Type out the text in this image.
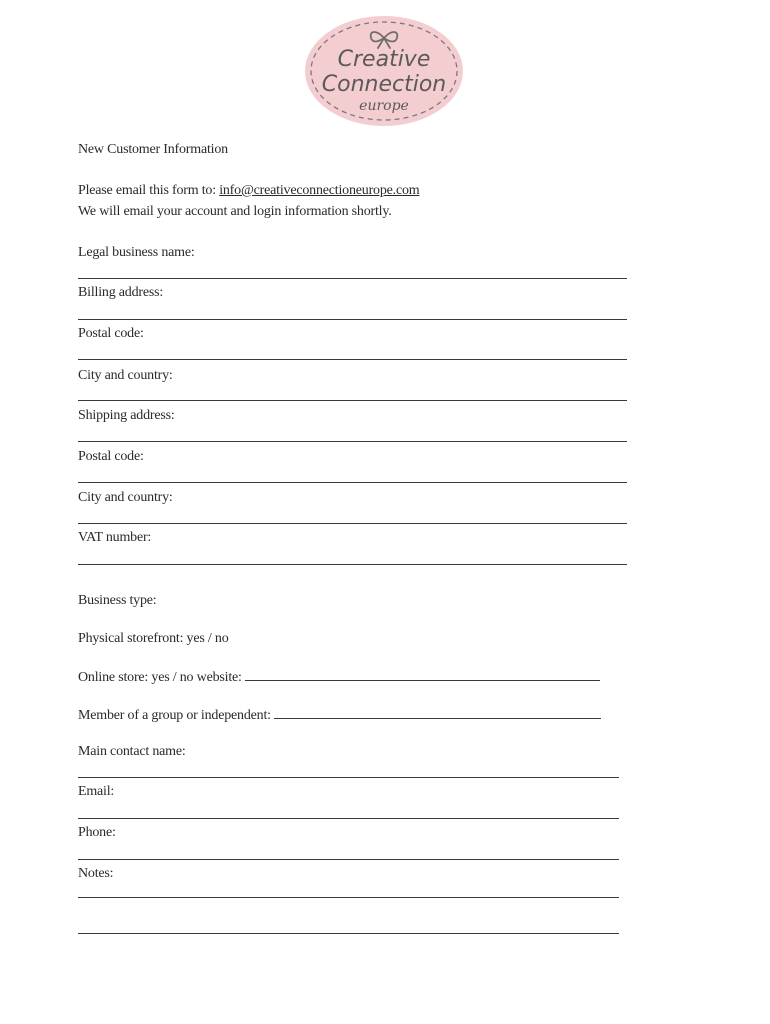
Creative
Connection
europe
New Customer Information
Please email this form to: info@creativeconnectioneurope.com
We will email your account and login information shortly.
Legal business name:
Billing address:
Postal code:
City and country:
Shipping address:
Postal code:
City and country:
VAT number:
Business type:
Physical storefront: yes / no
Online store: yes / no website:
Member of a group or independent:
Main contact name:
Email:
Phone:
Notes:
